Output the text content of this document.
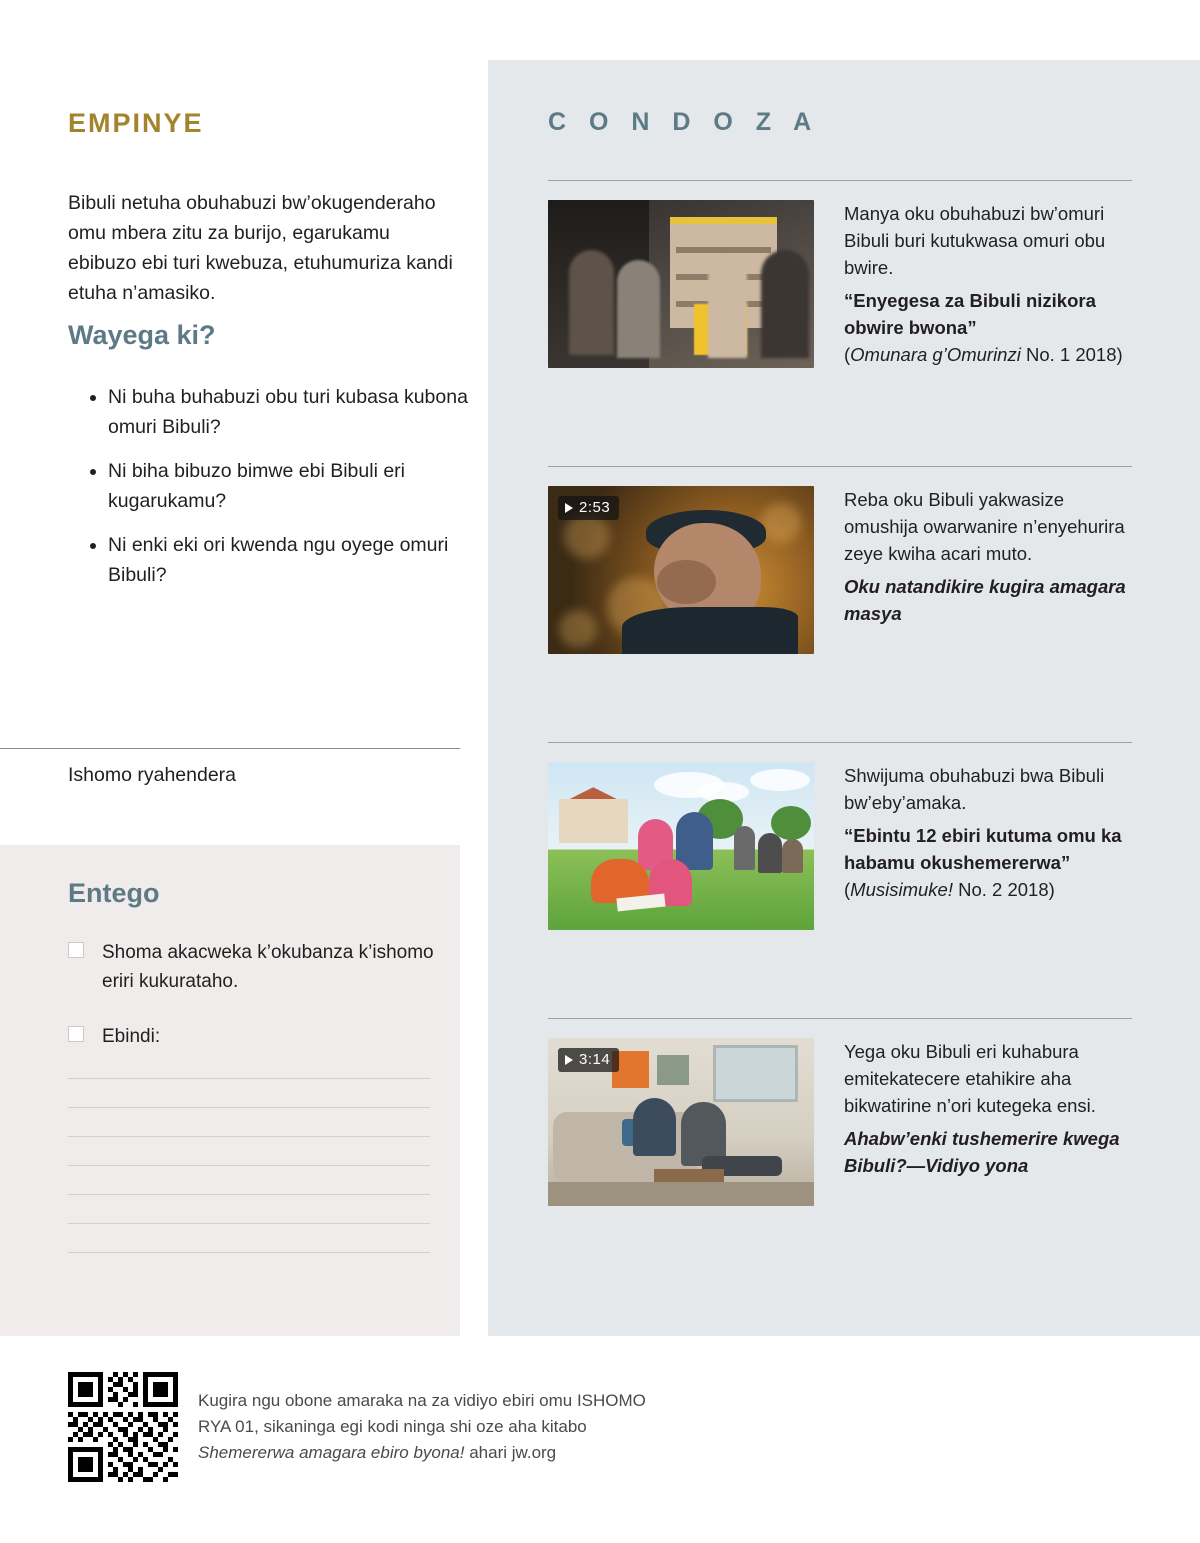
EMPINYE

Bibuli netuha obuhabuzi bw’okugenderaho omu mbera zitu za burijo, egarukamu ebibuzo ebi turi kwebuza, etuhumuriza kandi etuha n’amasiko.

Wayega ki?
• Ni buha buhabuzi obu turi kubasa kubona omuri Bibuli?
• Ni biha bibuzo bimwe ebi Bibuli eri kugarukamu?
• Ni enki eki ori kwenda ngu oyege omuri Bibuli?
Ishomo ryahendera
Entego
Shoma akacweka k’okubanza k’ishomo eriri kukurataho.
Ebindi:
C O N D O Z A

Manya oku obuhabuzi bw’omuri Bibuli buri kutukwasa omuri obu bwire.

“Enyegesa za Bibuli nizikora obwire bwona”

(Omunara g’Omurinzi No. 1 2018)

2:53	Reba oku Bibuli yakwasize omushija owarwanire n’enyehurira zeye kwiha acari muto.

Oku natandikire kugira amagara masya

Shwijuma obuhabuzi bwa Bibuli bw’eby’amaka.

“Ebintu 12 ebiri kutuma omu ka habamu okushemererwa”

(Musisimuke! No. 2 2018)

3:14	Yega oku Bibuli eri kuhabura emitekatecere etahikire aha bikwatirine n’ori kutegeka ensi.

Ahabw’enki tushemerire kwega Bibuli?—Vidiyo yona

Kugira ngu obone amaraka na za vidiyo ebiri omu ISHOMO
RYA 01, sikaninga egi kodi ninga shi oze aha kitabo
Shemererwa amagara ebiro byona! ahari jw.org
